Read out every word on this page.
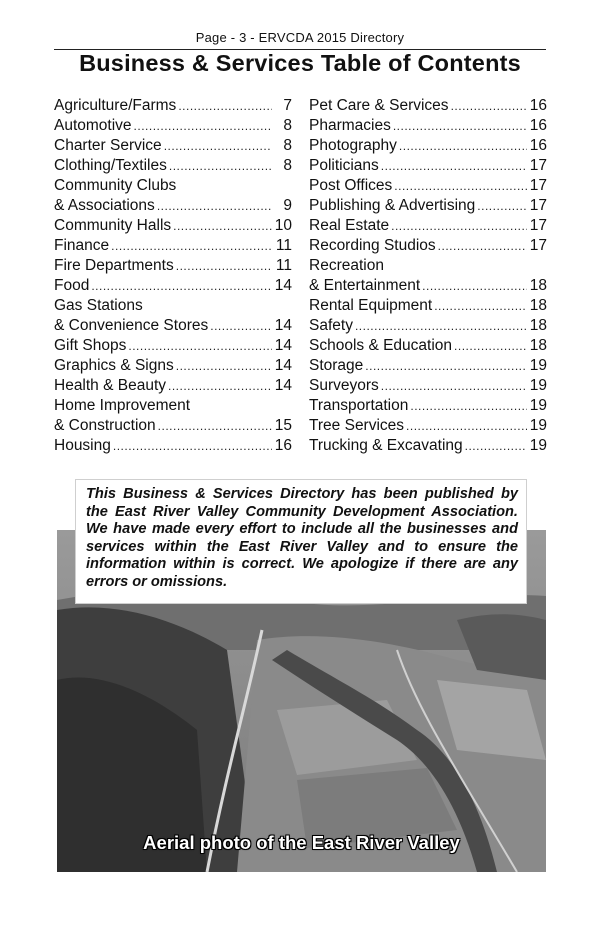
Page - 3 - ERVCDA 2015 Directory
Business & Services Table of Contents
Agriculture/Farms .....	7
Automotive .....	8
Charter Service .....	8
Clothing/Textiles .....	8
Community Clubs
& Associations .....	9
Community Halls .....	10
Finance .....	11
Fire Departments .....	11
Food .....	14
Gas Stations
& Convenience Stores .....	14
Gift Shops .....	14
Graphics & Signs .....	14
Health & Beauty .....	14
Home Improvement
& Construction .....	15
Housing .....	16
Pet Care & Services .....	16
Pharmacies .....	16
Photography .....	16
Politicians .....	17
Post Offices .....	17
Publishing & Advertising .....	17
Real Estate .....	17
Recording Studios .....	17
Recreation
& Entertainment .....	18
Rental Equipment .....	18
Safety .....	18
Schools & Education .....	18
Storage .....	19
Surveyors .....	19
Transportation .....	19
Tree Services .....	19
Trucking & Excavating .....	19
This Business & Services Directory has been published by the East River Valley Community Development Association. We have made every effort to include all the businesses and services within the East River Valley and to ensure the information within is correct. We apologize if there are any errors or omissions.
Aerial photo of the East River Valley
